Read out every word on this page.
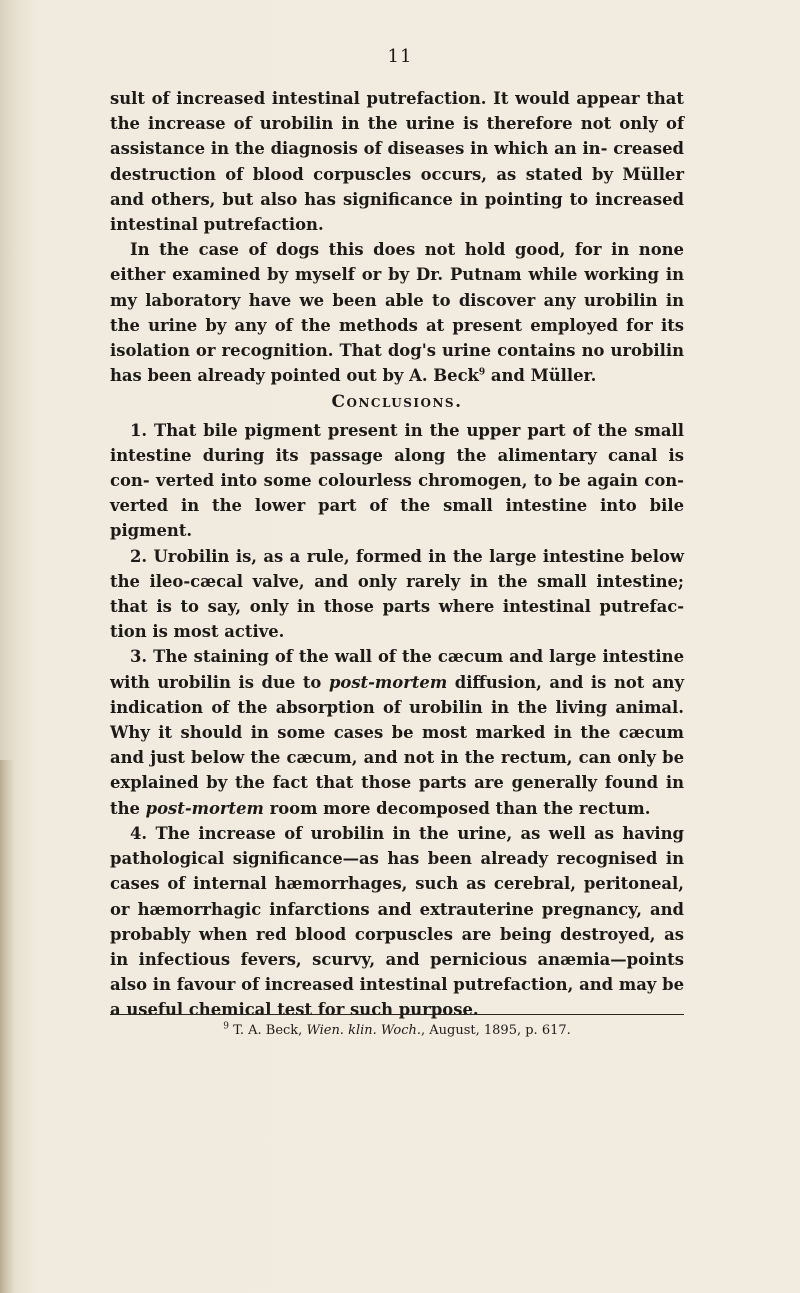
11

sult of increased intestinal putrefaction. It would appear that the increase of urobilin in the urine is therefore not only of assistance in the diagnosis of diseases in which an in- creased destruction of blood corpuscles occurs, as stated by Müller and others, but also has significance in pointing to increased intestinal putrefaction.

In the case of dogs this does not hold good, for in none either examined by myself or by Dr. Putnam while working in my laboratory have we been able to discover any urobilin in the urine by any of the methods at present employed for its isolation or recognition. That dog's urine contains no urobilin has been already pointed out by A. Beck$^9$ and Müller.

Conclusions.

1. That bile pigment present in the upper part of the small intestine during its passage along the alimentary canal is con- verted into some colourless chromogen, to be again con- verted in the lower part of the small intestine into bile pigment.

2. Urobilin is, as a rule, formed in the large intestine below the ileo-cæcal valve, and only rarely in the small intestine; that is to say, only in those parts where intestinal putrefac- tion is most active.

3. The staining of the wall of the cæcum and large intestine with urobilin is due to post-mortem diffusion, and is not any indication of the absorption of urobilin in the living animal. Why it should in some cases be most marked in the cæcum and just below the cæcum, and not in the rectum, can only be explained by the fact that those parts are generally found in the post-mortem room more decomposed than the rectum.

4. The increase of urobilin in the urine, as well as having pathological significance—as has been already recognised in cases of internal hæmorrhages, such as cerebral, peritoneal, or hæmorrhagic infarctions and extrauterine pregnancy, and probably when red blood corpuscles are being destroyed, as in infectious fevers, scurvy, and pernicious anæmia—points also in favour of increased intestinal putrefaction, and may be a useful chemical test for such purpose.

$^9$ T. A. Beck, Wien. klin. Woch., August, 1895, p. 617.
